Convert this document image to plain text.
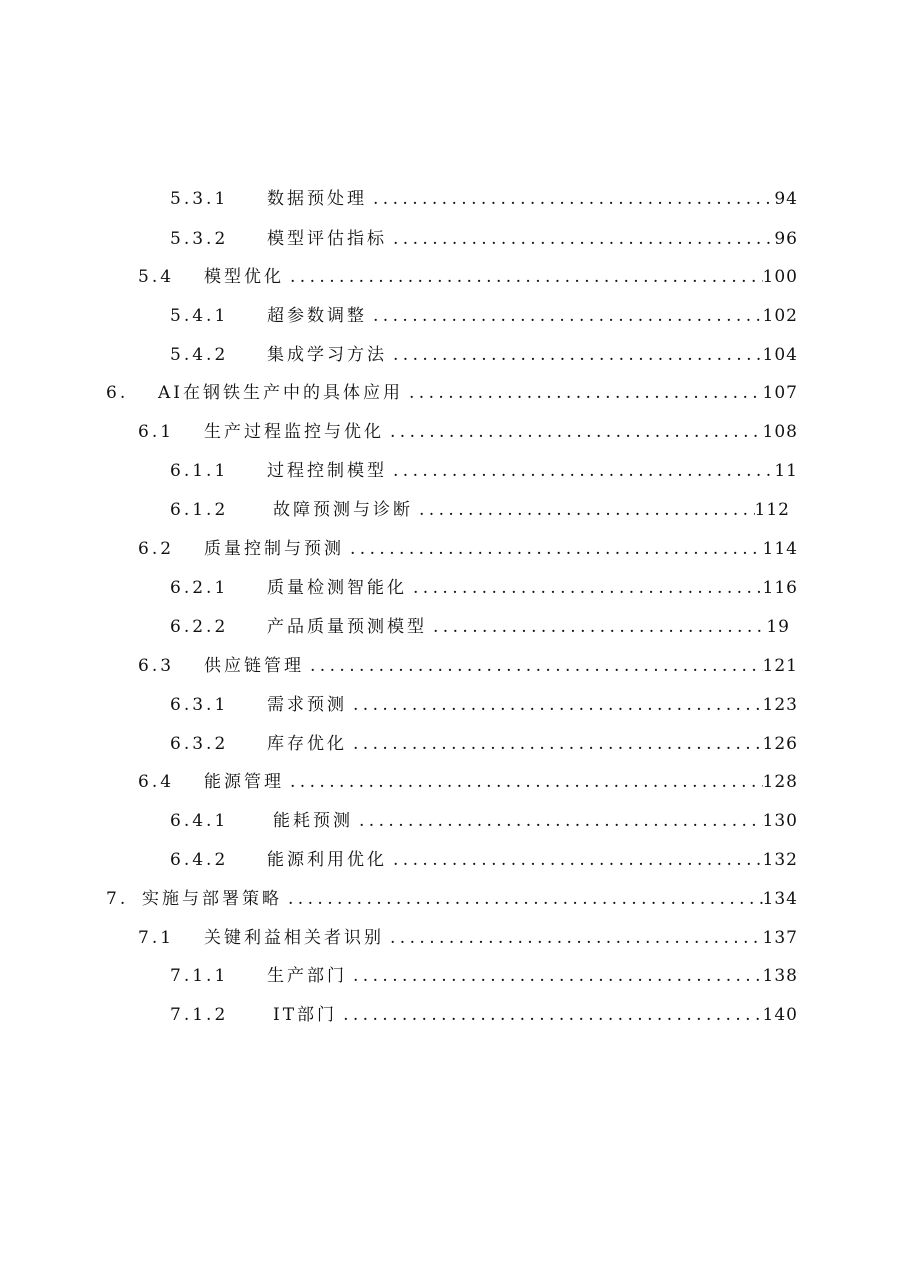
5.3.1 数据预处理 . . .	94
5.3.2 模型评估指标 . . .	96
5.4 模型优化 . . .	100
5.4.1 超参数调整 . . .	102
5.4.2 集成学习方法 . . .	104
6. AI在钢铁生产中的具体应用 . . .	107
6.1 生产过程监控与优化 . . .	108
6.1.1 过程控制模型 . . .	11
6.1.2	故障预测与诊断 . . .	112
6.2 质量控制与预测 . . .	114
6.2.1 质量检测智能化 . . .	116
6.2.2 产品质量预测模型 . . .	19
6.3 供应链管理 . . .	121
6.3.1 需求预测 . . .	123
6.3.2 库存优化 . . .	126
6.4 能源管理 . . .	128
6.4.1	能耗预测 . . .	130
6.4.2 能源利用优化 . . .	132
7. 实施与部署策略 . . .	134
7.1 关键利益相关者识别 . . .	137
7.1.1 生产部门 . . .	138
7.1.2	IT部门 . . .	140
